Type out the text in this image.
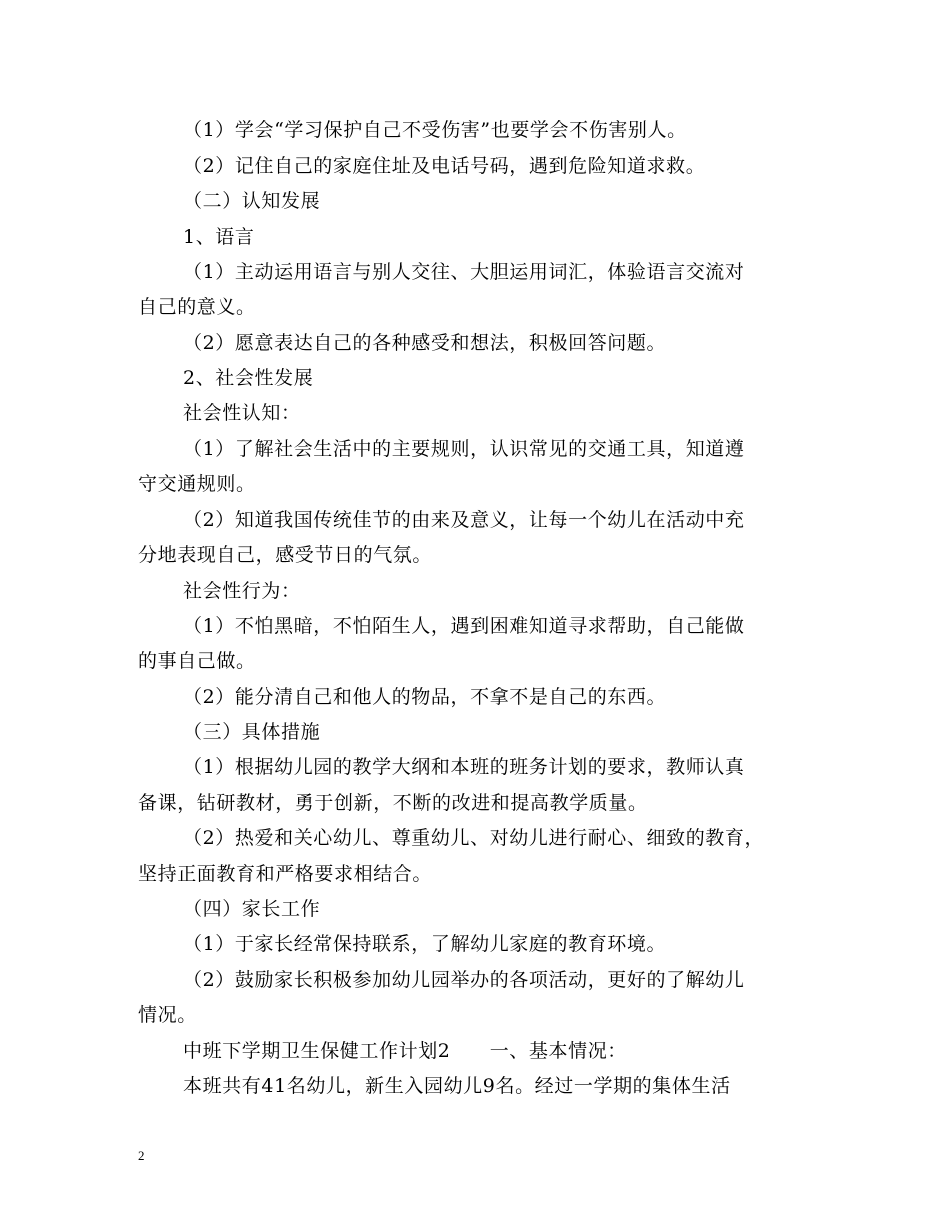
（1）学会“学习保护自己不受伤害”也要学会不伤害别人。
（2）记住自己的家庭住址及电话号码，遇到危险知道求救。
（二）认知发展
1、语言
（1）主动运用语言与别人交往、大胆运用词汇，体验语言交流对
自己的意义。
（2）愿意表达自己的各种感受和想法，积极回答问题。
2、社会性发展
社会性认知：
（1）了解社会生活中的主要规则，认识常见的交通工具，知道遵
守交通规则。
（2）知道我国传统佳节的由来及意义，让每一个幼儿在活动中充
分地表现自己，感受节日的气氛。
社会性行为：
（1）不怕黑暗，不怕陌生人，遇到困难知道寻求帮助，自己能做
的事自己做。
（2）能分清自己和他人的物品，不拿不是自己的东西。
（三）具体措施
（1）根据幼儿园的教学大纲和本班的班务计划的要求，教师认真
备课，钻研教材，勇于创新，不断的改进和提高教学质量。
（2）热爱和关心幼儿、尊重幼儿、对幼儿进行耐心、细致的教育，
坚持正面教育和严格要求相结合。
（四）家长工作
（1）于家长经常保持联系，了解幼儿家庭的教育环境。
（2）鼓励家长积极参加幼儿园举办的各项活动，更好的了解幼儿
情况。
中班下学期卫生保健工作计划2　　一、基本情况：
本班共有41名幼儿，新生入园幼儿9名。经过一学期的集体生活
2
